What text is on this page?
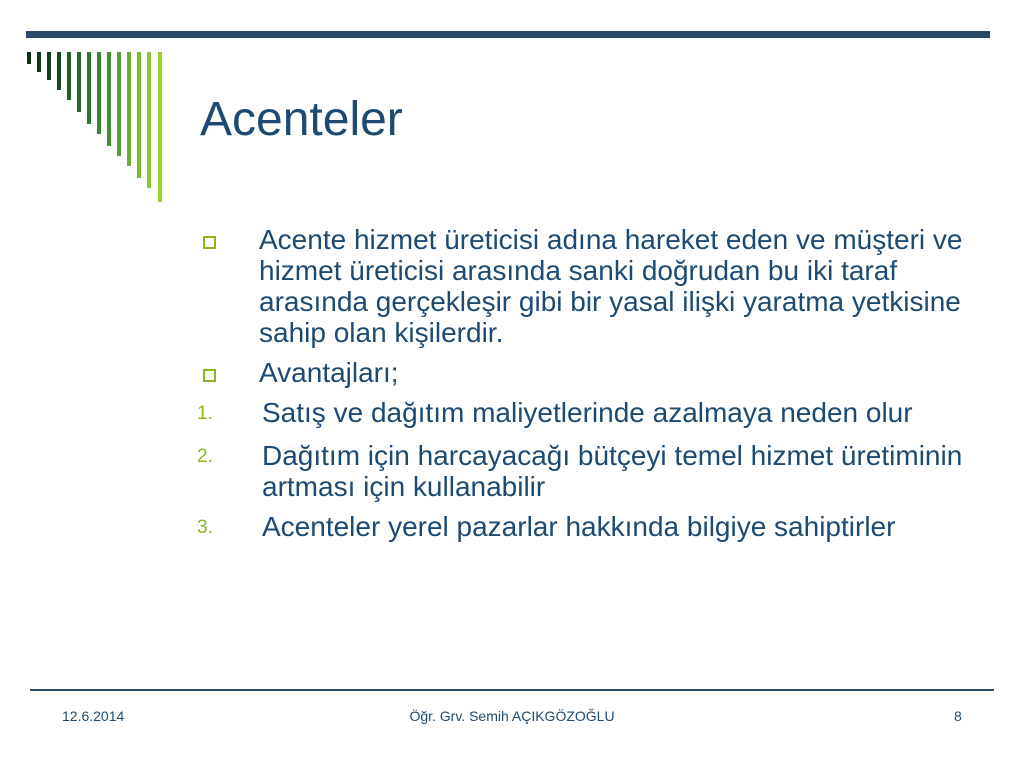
Acenteler
Acente hizmet üreticisi adına hareket eden ve müşteri ve hizmet üreticisi arasında sanki doğrudan bu iki taraf arasında gerçekleşir gibi bir yasal ilişki yaratma yetkisine sahip olan kişilerdir.
Avantajları;
1.	Satış ve dağıtım maliyetlerinde azalmaya neden olur
2.	Dağıtım için harcayacağı bütçeyi temel hizmet üretiminin artması için kullanabilir
3.	Acenteler yerel pazarlar hakkında bilgiye sahiptirler
12.6.2014	Öğr. Grv. Semih AÇIKGÖZOĞLU	8
